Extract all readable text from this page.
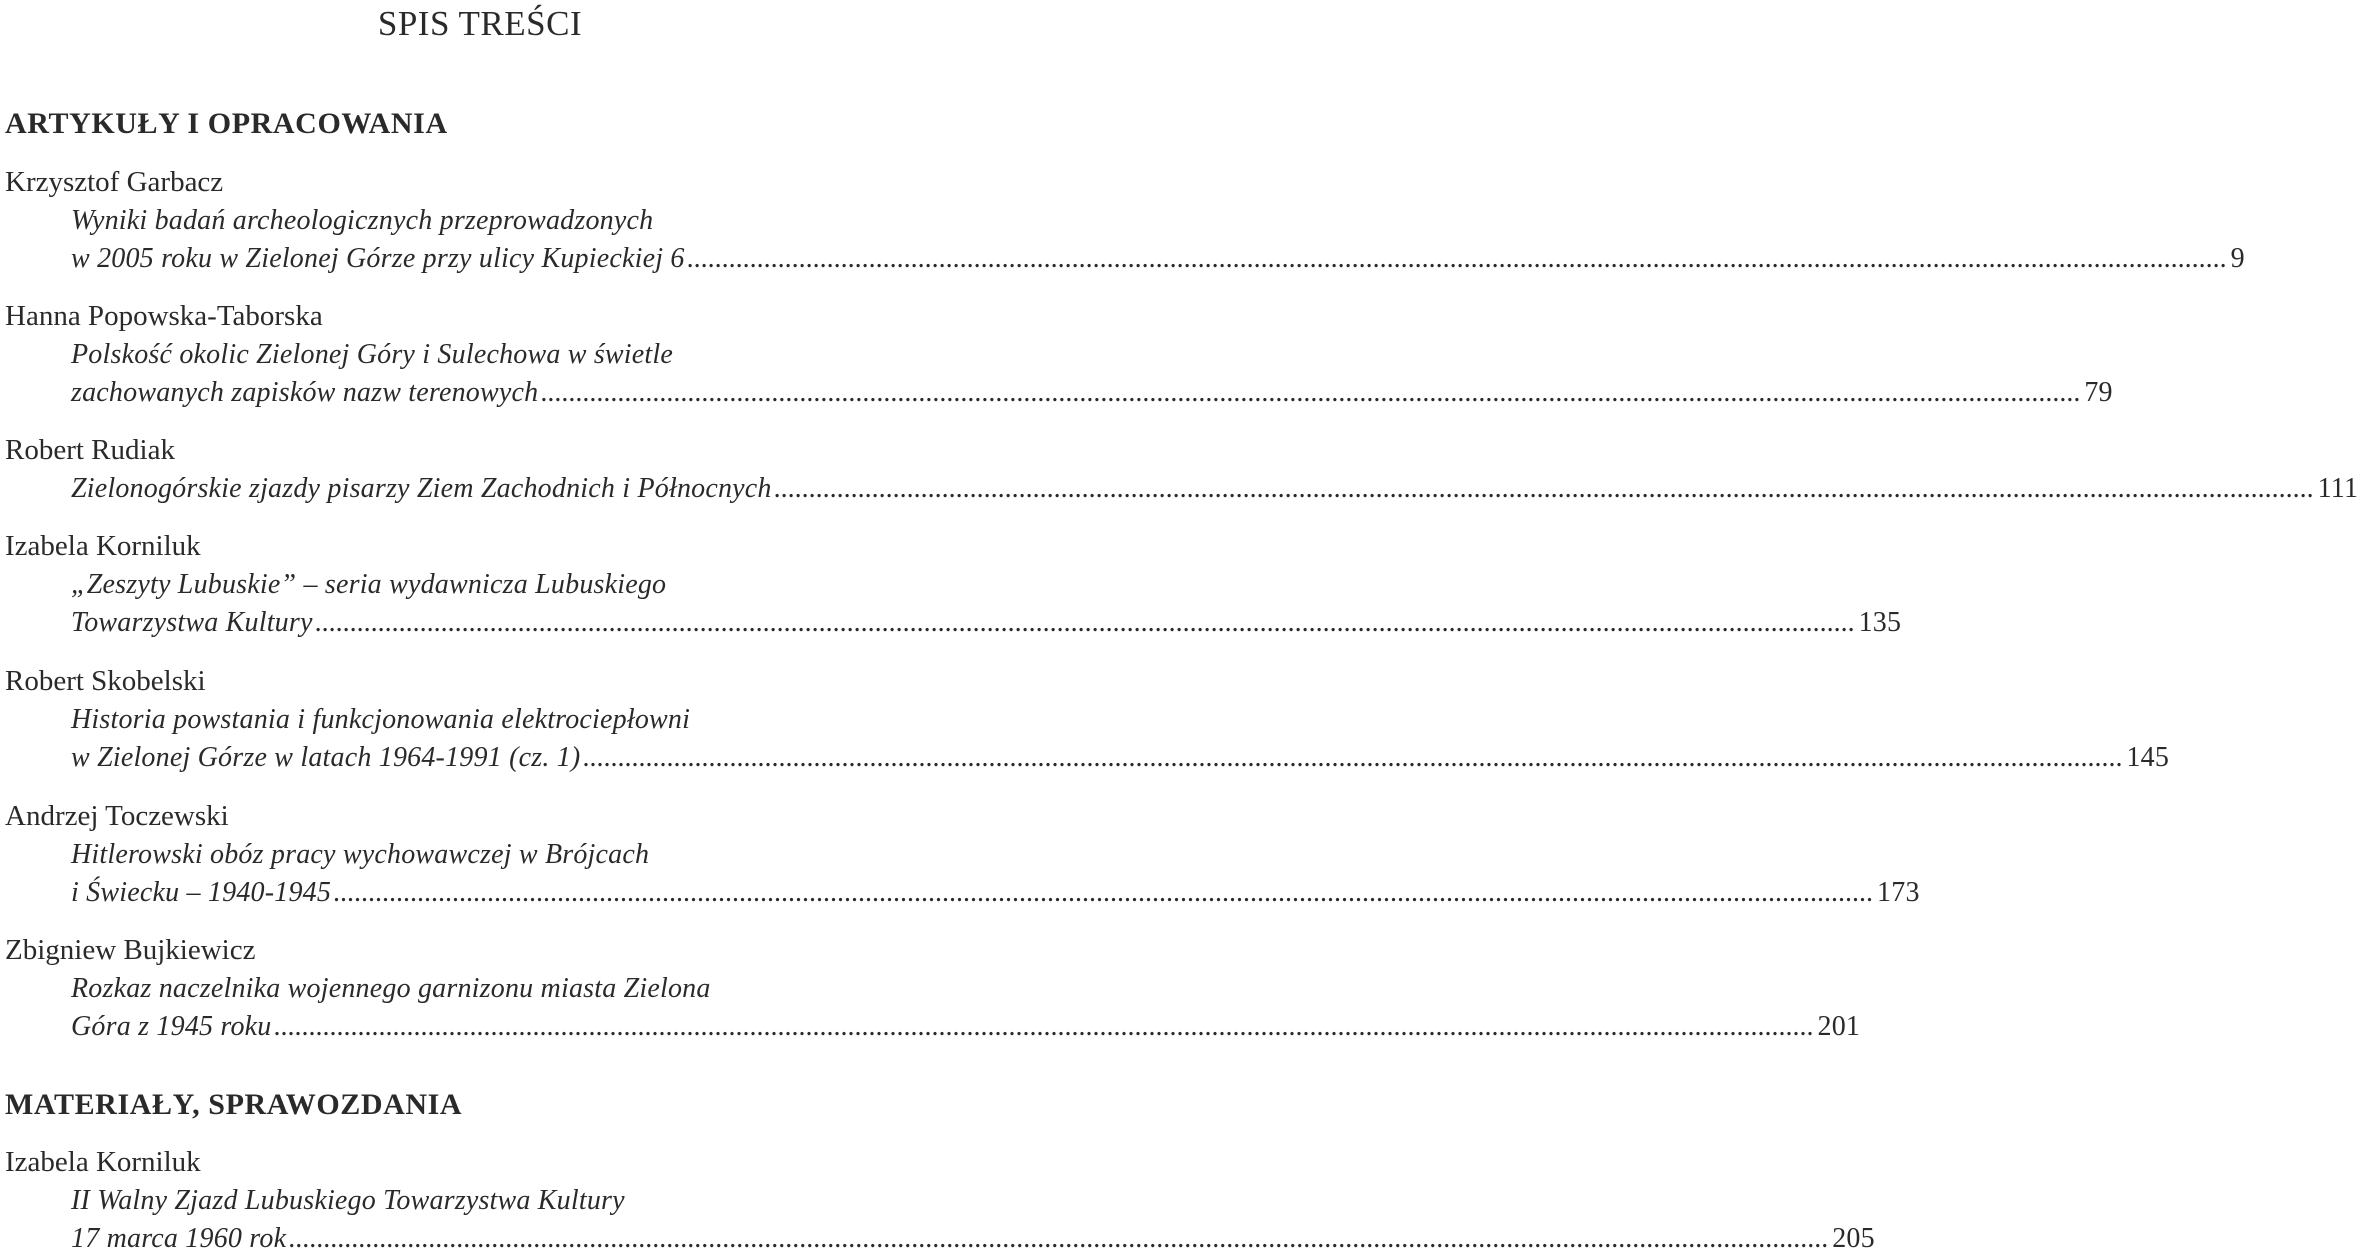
SPIS TREŚCI
ARTYKUŁY I OPRACOWANIA
Krzysztof Garbacz
Wyniki badań archeologicznych przeprowadzonych
w 2005 roku w Zielonej Górze przy ulicy Kupieckiej 6 ............................................................................................................................................................................................................................ 9
Hanna Popowska-Taborska
Polskość okolic Zielonej Góry i Sulechowa w świetle
zachowanych zapisków nazw terenowych ............................................................................................................................................................................................................................ 79
Robert Rudiak
Zielonogórskie zjazdy pisarzy Ziem Zachodnich i Północnych ............................................................................................................................................................................................................................ 111
Izabela Korniluk
„Zeszyty Lubuskie” – seria wydawnicza Lubuskiego
Towarzystwa Kultury ............................................................................................................................................................................................................................ 135
Robert Skobelski
Historia powstania i funkcjonowania elektrociepłowni
w Zielonej Górze w latach 1964-1991 (cz. 1) ............................................................................................................................................................................................................................ 145
Andrzej Toczewski
Hitlerowski obóz pracy wychowawczej w Brójcach
i Świecku – 1940-1945 ............................................................................................................................................................................................................................ 173
Zbigniew Bujkiewicz
Rozkaz naczelnika wojennego garnizonu miasta Zielona
Góra z 1945 roku ............................................................................................................................................................................................................................ 201
MATERIAŁY, SPRAWOZDANIA
Izabela Korniluk
II Walny Zjazd Lubuskiego Towarzystwa Kultury
17 marca 1960 rok ............................................................................................................................................................................................................................ 205
